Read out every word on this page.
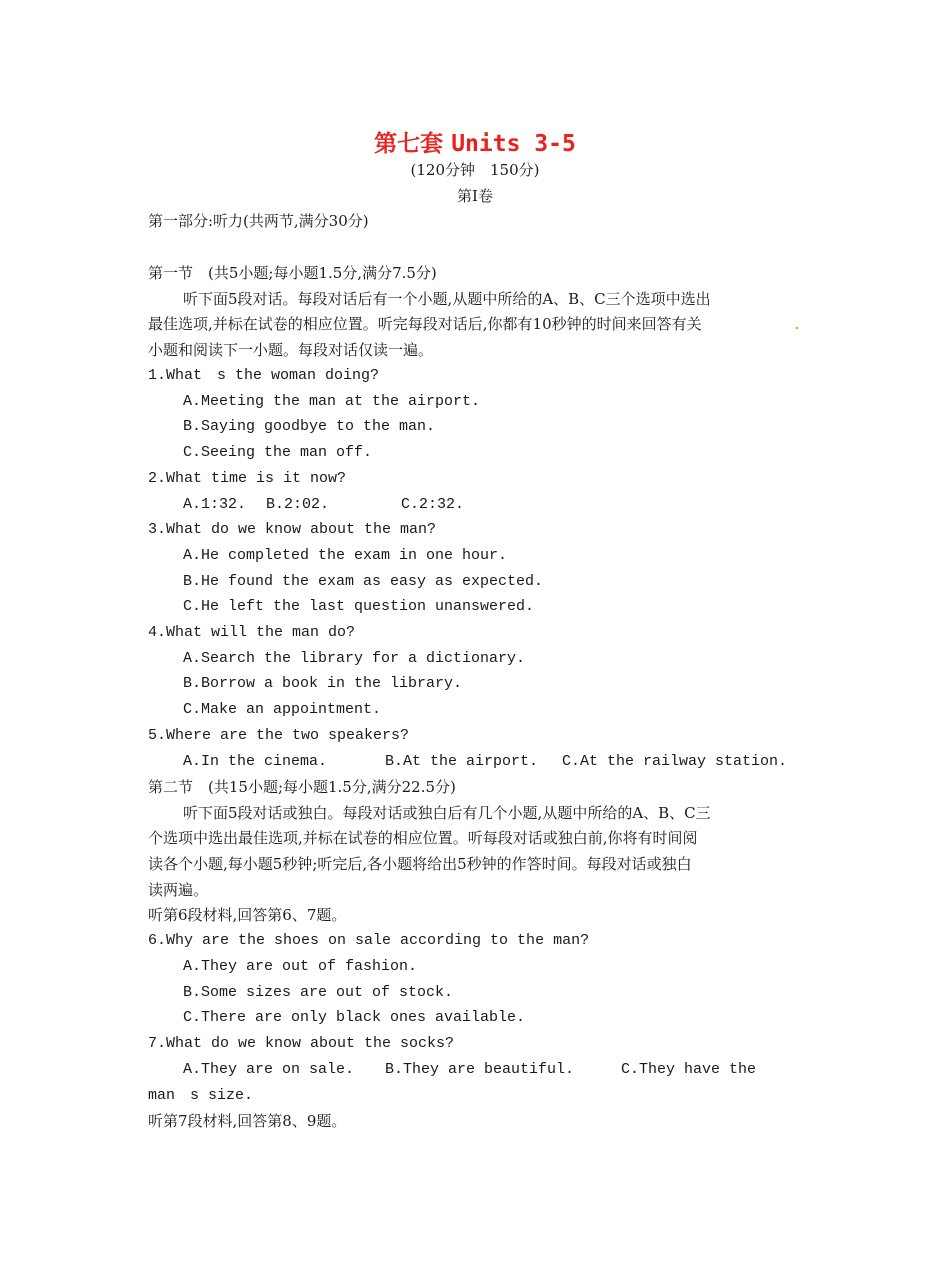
第七套 Units 3-5
(120分钟　150分)
第Ⅰ卷
第一部分:听力(共两节,满分30分)
第一节　(共5小题;每小题1.5分,满分7.5分)
听下面5段对话。每段对话后有一个小题,从题中所给的A、B、C三个选项中选出
最佳选项,并标在试卷的相应位置。听完每段对话后,你都有10秒钟的时间来回答有关
小题和阅读下一小题。每段对话仅读一遍。
1.What　s the woman doing?
A.Meeting the man at the airport.
B.Saying goodbye to the man.
C.Seeing the man off.
2.What time is it now?
A.1:32. B.2:02.	C.2:32.
3.What do we know about the man?
A.He completed the exam in one hour.
B.He found the exam as easy as expected.
C.He left the last question unanswered.
4.What will the man do?
A.Search the library for a dictionary.
B.Borrow a book in the library.
C.Make an appointment.
5.Where are the two speakers?
A.In the cinema.	B.At the airport. C.At the railway station.
第二节　(共15小题;每小题1.5分,满分22.5分)
听下面5段对话或独白。每段对话或独白后有几个小题,从题中所给的A、B、C三
个选项中选出最佳选项,并标在试卷的相应位置。听每段对话或独白前,你将有时间阅
读各个小题,每小题5秒钟;听完后,各小题将给出5秒钟的作答时间。每段对话或独白
读两遍。
听第6段材料,回答第6、7题。
6.Why are the shoes on sale according to the man?
A.They are out of fashion.
B.Some sizes are out of stock.
C.There are only black ones available.
7.What do we know about the socks?
A.They are on sale. B.They are beautiful.	C.They have the
man　s size.
听第7段材料,回答第8、9题。
